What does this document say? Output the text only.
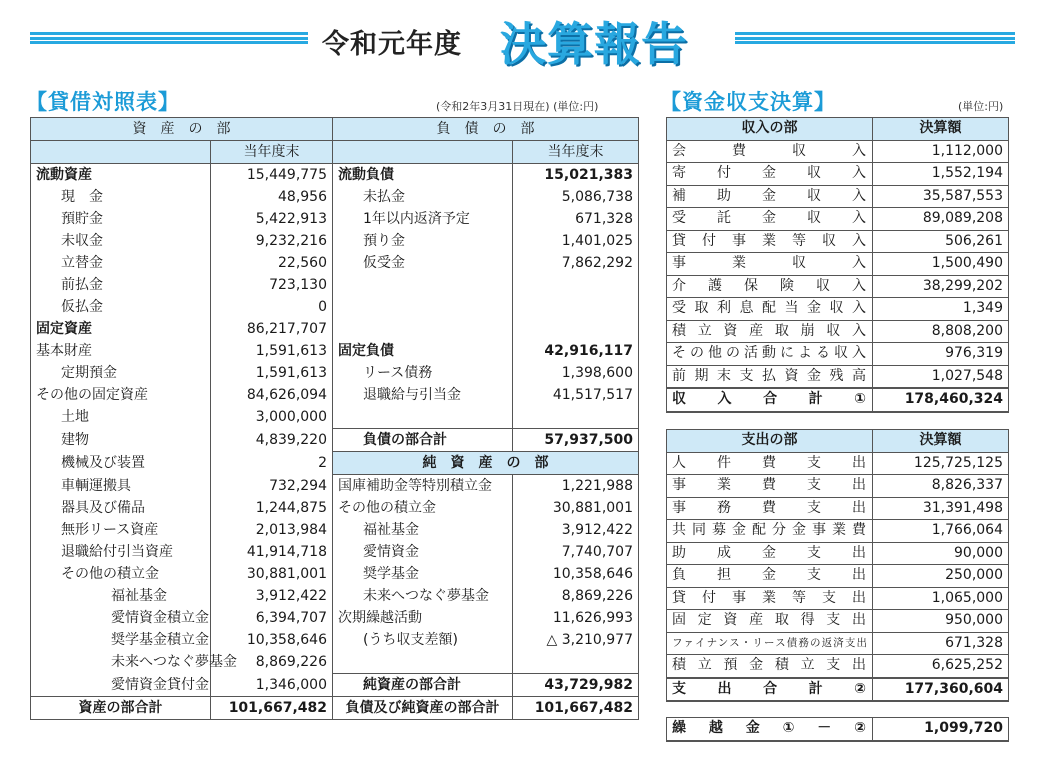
令和元年度 決算報告
【貸借対照表】	(令和2年3月31日現在) (単位:円)	【資金収支決算】	(単位:円)
資　産　の　部		負　債　の　部	
	当年度末		当年度末
流動資産	15,449,775	流動負債	15,021,383
現　金	48,956	未払金	5,086,738
預貯金	5,422,913	1年以内返済予定	671,328
未収金	9,232,216	預り金	1,401,025
立替金	22,560	仮受金	7,862,292
前払金	723,130		
仮払金	0		
固定資産	86,217,707		
基本財産	1,591,613	固定負債	42,916,117
定期預金	1,591,613	リース債務	1,398,600
その他の固定資産	84,626,094	退職給与引当金	41,517,517
土地	3,000,000		
建物	4,839,220	負債の部合計	57,937,500
機械及び装置	2	純　資　産　の　部	
車輌運搬具	732,294	国庫補助金等特別積立金	1,221,988
器具及び備品	1,244,875	その他の積立金	30,881,001
無形リース資産	2,013,984	福祉基金	3,912,422
退職給付引当資産	41,914,718	愛情資金	7,740,707
その他の積立金	30,881,001	奨学基金	10,358,646
福祉基金	3,912,422	未来へつなぐ夢基金	8,869,226
愛情資金積立金	6,394,707	次期繰越活動	11,626,993
奨学基金積立金	10,358,646	(うち収支差額)	△ 3,210,977
未来へつなぐ夢基金	8,869,226		
愛情資金貸付金	1,346,000	純資産の部合計	43,729,982
資産の部合計	101,667,482	負債及び純資産の部合計	101,667,482
収入の部	決算額
会費収入	1,112,000
寄付金収入	1,552,194
補助金収入	35,587,553
受託金収入	89,089,208
貸付事業等収入	506,261
事業収入	1,500,490
介護保険収入	38,299,202
受取利息配当金収入	1,349
積立資産取崩収入	8,808,200
その他の活動による収入	976,319
前期末支払資金残高	1,027,548
収入合計①	178,460,324
支出の部	決算額
人件費支出	125,725,125
事業費支出	8,826,337
事務費支出	31,391,498
共同募金配分金事業費	1,766,064
助成金支出	90,000
負担金支出	250,000
貸付事業等支出	1,065,000
固定資産取得支出	950,000
ファイナンス・リース債務の返済支出	671,328
積立預金積立支出	6,625,252
支出合計②	177,360,604
繰越金①－②	1,099,720
